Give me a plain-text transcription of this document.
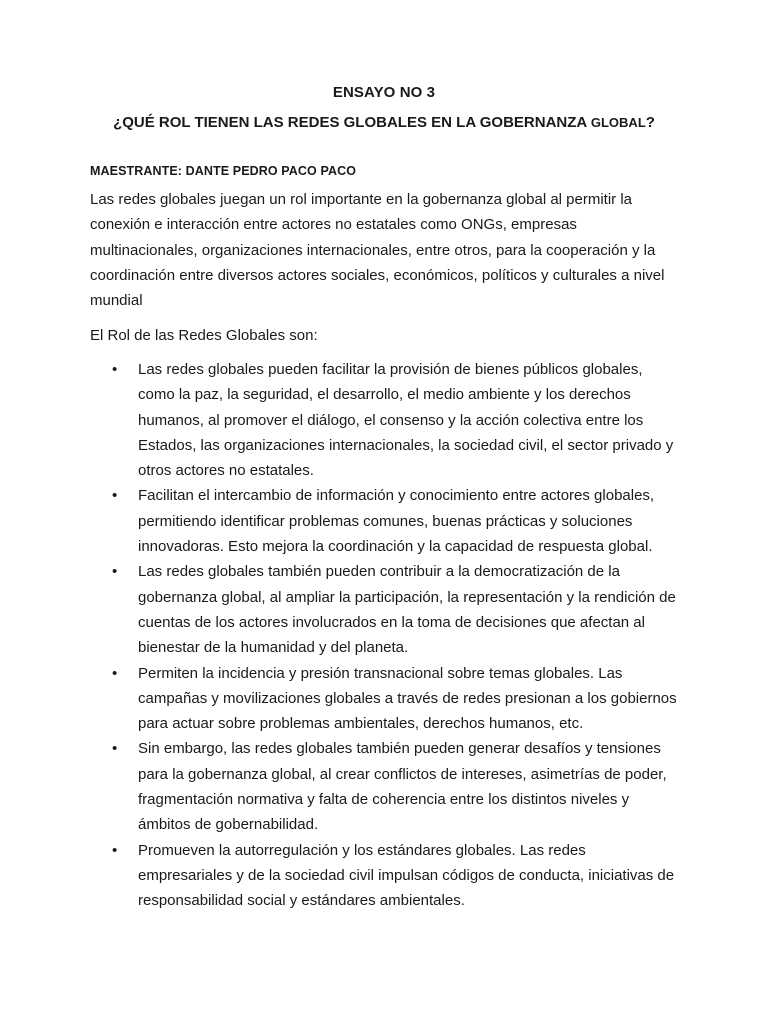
ENSAYO NO 3
¿QUÉ ROL TIENEN LAS REDES GLOBALES EN LA GOBERNANZA GLOBAL?
MAESTRANTE: DANTE PEDRO PACO PACO
Las redes globales juegan un rol importante en la gobernanza global al permitir la conexión e interacción entre actores no estatales como ONGs, empresas multinacionales, organizaciones internacionales, entre otros, para la cooperación y la coordinación entre diversos actores sociales, económicos, políticos y culturales a nivel mundial
El Rol de las Redes Globales son:
• Las redes globales pueden facilitar la provisión de bienes públicos globales, como la paz, la seguridad, el desarrollo, el medio ambiente y los derechos humanos, al promover el diálogo, el consenso y la acción colectiva entre los Estados, las organizaciones internacionales, la sociedad civil, el sector privado y otros actores no estatales.
• Facilitan el intercambio de información y conocimiento entre actores globales, permitiendo identificar problemas comunes, buenas prácticas y soluciones innovadoras. Esto mejora la coordinación y la capacidad de respuesta global.
• Las redes globales también pueden contribuir a la democratización de la gobernanza global, al ampliar la participación, la representación y la rendición de cuentas de los actores involucrados en la toma de decisiones que afectan al bienestar de la humanidad y del planeta.
• Permiten la incidencia y presión transnacional sobre temas globales. Las campañas y movilizaciones globales a través de redes presionan a los gobiernos para actuar sobre problemas ambientales, derechos humanos, etc.
• Sin embargo, las redes globales también pueden generar desafíos y tensiones para la gobernanza global, al crear conflictos de intereses, asimetrías de poder, fragmentación normativa y falta de coherencia entre los distintos niveles y ámbitos de gobernabilidad.
• Promueven la autorregulación y los estándares globales. Las redes empresariales y de la sociedad civil impulsan códigos de conducta, iniciativas de responsabilidad social y estándares ambientales.
